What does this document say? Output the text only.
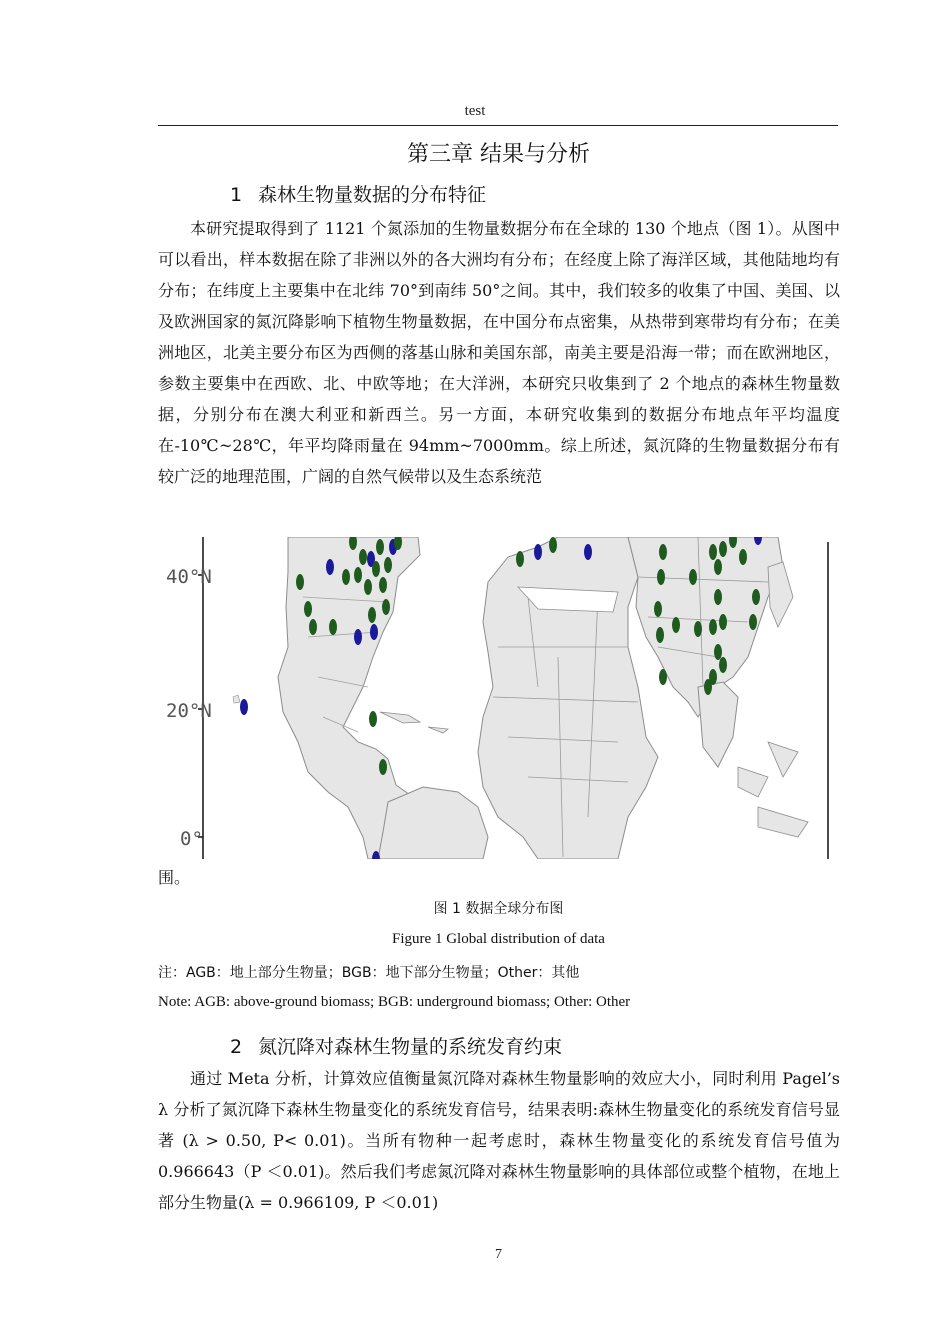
test
第三章 结果与分析
1 森林生物量数据的分布特征

本研究提取得到了 1121 个氮添加的生物量数据分布在全球的 130 个地点（图 1）。从图中可以看出，样本数据在除了非洲以外的各大洲均有分布；在经度上除了海洋区域，其他陆地均有分布；在纬度上主要集中在北纬 70°到南纬 50°之间。其中，我们较多的收集了中国、美国、以及欧洲国家的氮沉降影响下植物生物量数据，在中国分布点密集，从热带到寒带均有分布；在美洲地区，北美主要分布区为西侧的落基山脉和美国东部，南美主要是沿海一带；而在欧洲地区，参数主要集中在西欧、北、中欧等地；在大洋洲，本研究只收集到了 2 个地点的森林生物量数据，分别分布在澳大利亚和新西兰。另一方面，本研究收集到的数据分布地点年平均温度在-10℃~28℃，年平均降雨量在 94mm~7000mm。综上所述，氮沉降的生物量数据分布有较广泛的地理范围，广阔的自然气候带以及生态系统范

40°N
20°N
0°
围。
图 1 数据全球分布图
Figure 1 Global distribution of data
注：AGB：地上部分生物量；BGB：地下部分生物量；Other：其他
Note: AGB: above-ground biomass; BGB: underground biomass; Other: Other
2 氮沉降对森林生物量的系统发育约束

通过 Meta 分析，计算效应值衡量氮沉降对森林生物量影响的效应大小，同时利用 Pagel’s λ 分析了氮沉降下森林生物量变化的系统发育信号，结果表明:森林生物量变化的系统发育信号显著 (λ > 0.50, P< 0.01)。当所有物种一起考虑时，森林生物量变化的系统发育信号值为 0.966643（P ＜0.01)。然后我们考虑氮沉降对森林生物量影响的具体部位或整个植物，在地上部分生物量(λ = 0.966109, P ＜0.01)

7
